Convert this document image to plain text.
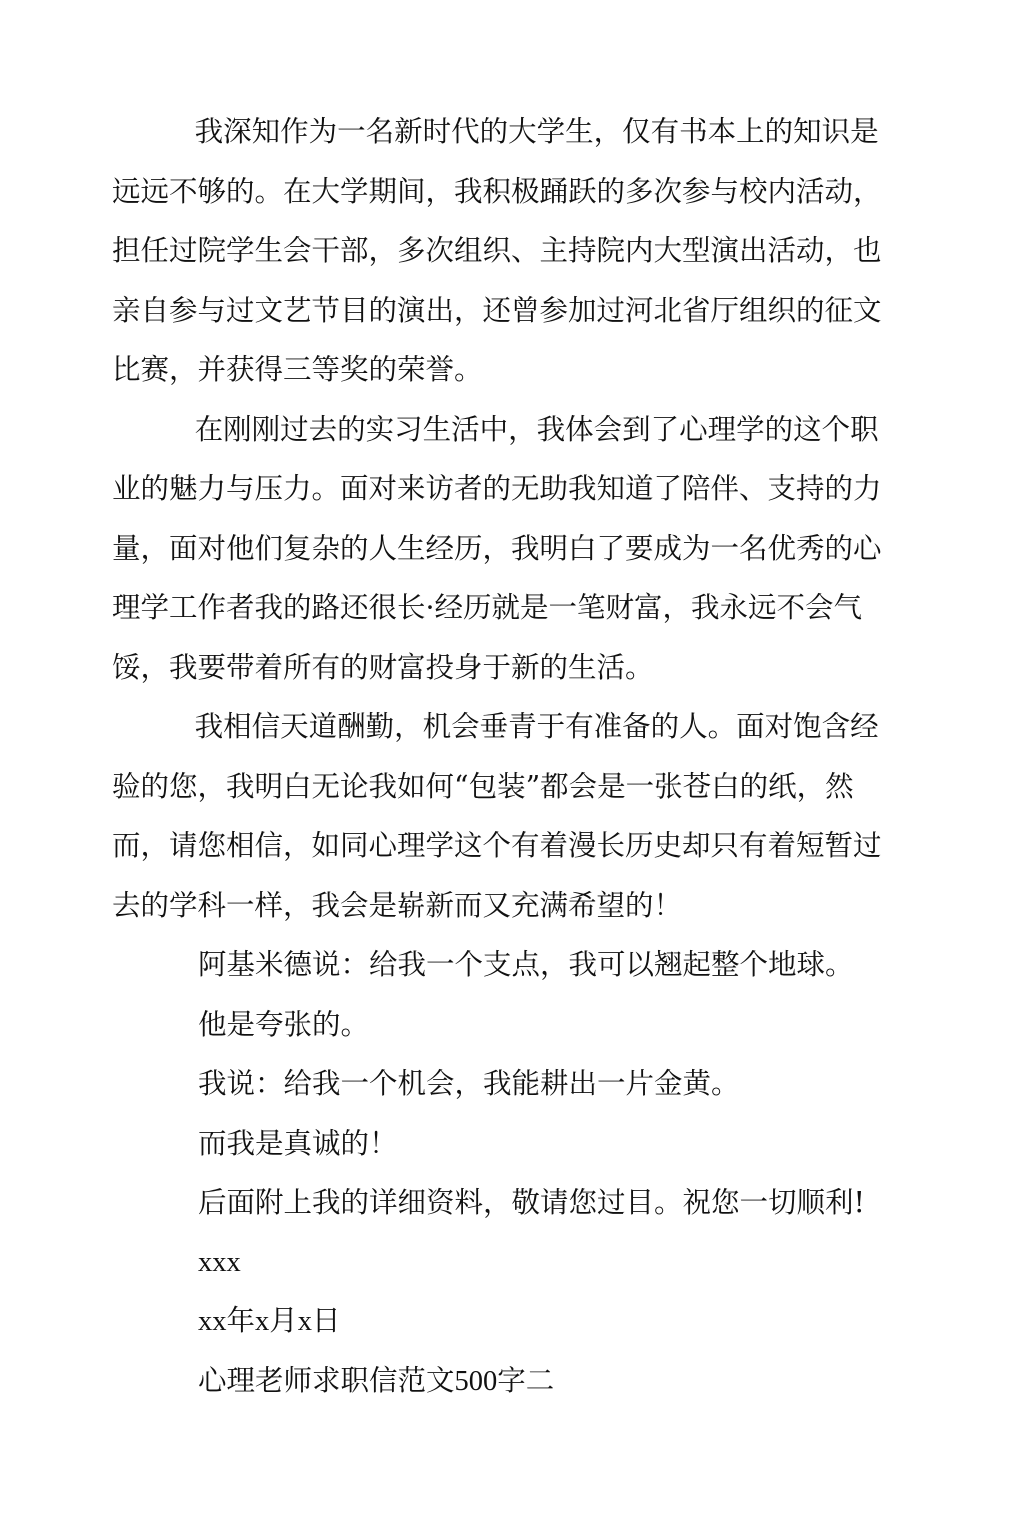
我深知作为一名新时代的大学生，仅有书本上的知识是远远不够的。在大学期间，我积极踊跃的多次参与校内活动，担任过院学生会干部，多次组织、主持院内大型演出活动，也亲自参与过文艺节目的演出，还曾参加过河北省厅组织的征文比赛，并获得三等奖的荣誉。

在刚刚过去的实习生活中，我体会到了心理学的这个职业的魅力与压力。面对来访者的无助我知道了陪伴、支持的力量，面对他们复杂的人生经历，我明白了要成为一名优秀的心理学工作者我的路还很长·经历就是一笔财富，我永远不会气馁，我要带着所有的财富投身于新的生活。

我相信天道酬勤，机会垂青于有准备的人。面对饱含经验的您，我明白无论我如何“包装”都会是一张苍白的纸，然而，请您相信，如同心理学这个有着漫长历史却只有着短暂过去的学科一样，我会是崭新而又充满希望的！

阿基米德说：给我一个支点，我可以翘起整个地球。

他是夸张的。

我说：给我一个机会，我能耕出一片金黄。

而我是真诚的！

后面附上我的详细资料，敬请您过目。祝您一切顺利!

xxx

xx年x月x日

心理老师求职信范文500字二
